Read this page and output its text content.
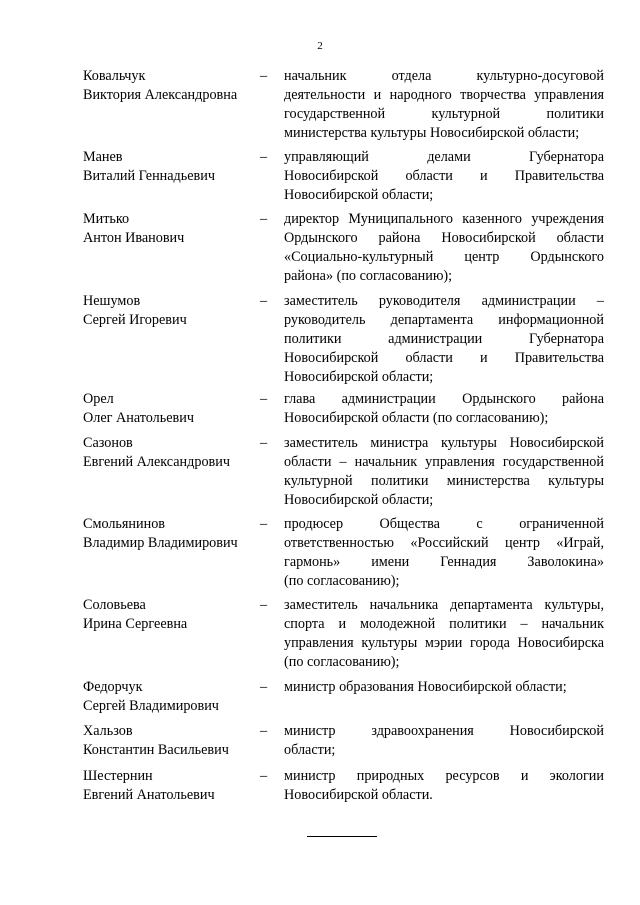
2
Ковальчук
Виктория Александровна
– начальник отдела культурно-досуговой
деятельности и народного творчества управления
государственной культурной политики
министерства культуры Новосибирской области;
Манев
Виталий Геннадьевич
– управляющий делами Губернатора
Новосибирской области и Правительства
Новосибирской области;
Митько
Антон Иванович
– директор Муниципального казенного учреждения
Ордынского района Новосибирской области
«Социально-культурный центр Ордынского
района» (по согласованию);
Нешумов
Сергей Игоревич
– заместитель руководителя администрации –
руководитель департамента информационной
политики администрации Губернатора
Новосибирской области и Правительства
Новосибирской области;
Орел
Олег Анатольевич
– глава администрации Ордынского района
Новосибирской области (по согласованию);
Сазонов
Евгений Александрович
– заместитель министра культуры Новосибирской
области – начальник управления государственной
культурной политики министерства культуры
Новосибирской области;
Смольянинов
Владимир Владимирович
– продюсер Общества с ограниченной
ответственностью «Российский центр «Играй,
гармонь» имени Геннадия Заволокина»
(по согласованию);
Соловьева
Ирина Сергеевна
– заместитель начальника департамента культуры,
спорта и молодежной политики – начальник
управления культуры мэрии города Новосибирска
(по согласованию);
Федорчук
Сергей Владимирович
– министр образования Новосибирской области;
Хальзов
Константин Васильевич
– министр здравоохранения Новосибирской
области;
Шестернин
Евгений Анатольевич
– министр природных ресурсов и экологии
Новосибирской области.
